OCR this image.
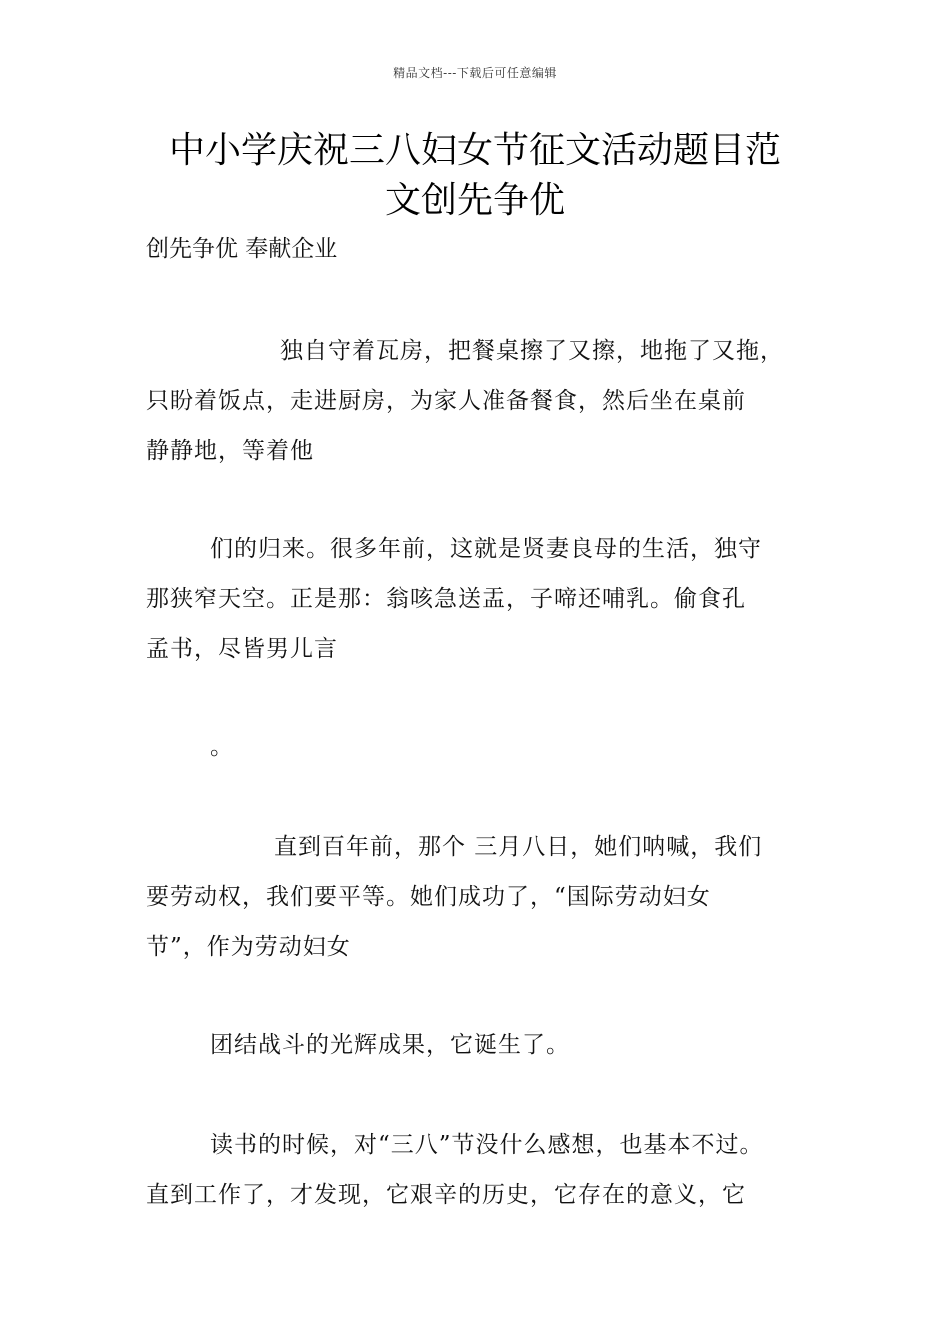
精品文档---下载后可任意编辑
中小学庆祝三八妇女节征文活动题目范
文创先争优
创先争优 奉献企业
独自守着瓦房，把餐桌擦了又擦，地拖了又拖，
只盼着饭点，走进厨房，为家人准备餐食，然后坐在桌前
静静地，等着他
们的归来。很多年前，这就是贤妻良母的生活，独守
那狭窄天空。正是那：翁咳急送盂，子啼还哺乳。偷食孔
孟书，尽皆男儿言
。
直到百年前，那个 三月八日，她们呐喊，我们
要劳动权，我们要平等。她们成功了，“国际劳动妇女
节”，作为劳动妇女
团结战斗的光辉成果，它诞生了。
读书的时候，对“三八”节没什么感想，也基本不过。
直到工作了，才发现，它艰辛的历史，它存在的意义，它
